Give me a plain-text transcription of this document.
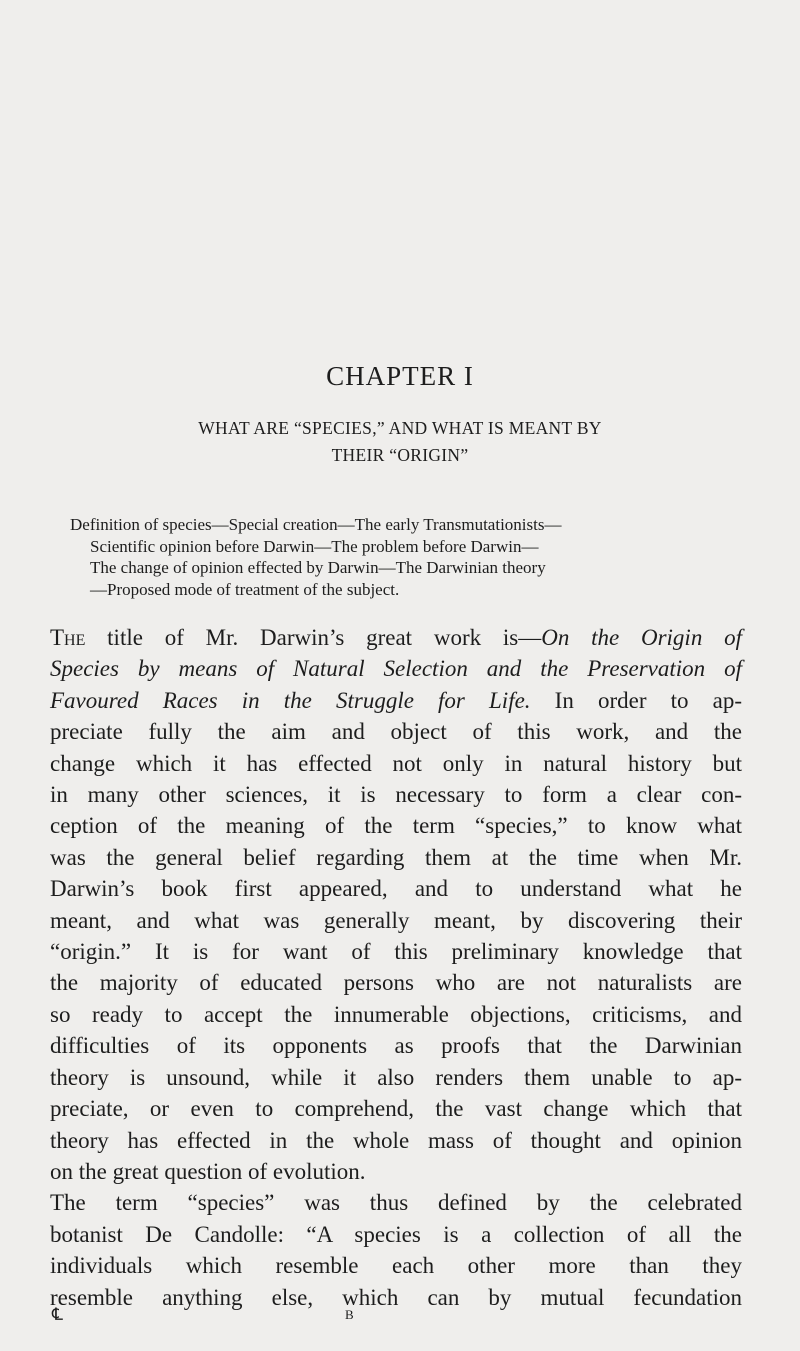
CHAPTER I
WHAT ARE “SPECIES,” AND WHAT IS MEANT BY
THEIR “ORIGIN”
Definition of species—Special creation—The early Transmutationists—
Scientific opinion before Darwin—The problem before Darwin—
The change of opinion effected by Darwin—The Darwinian theory
—Proposed mode of treatment of the subject.
The title of Mr. Darwin’s great work is—On the Origin of
Species by means of Natural Selection and the Preservation of
Favoured Races in the Struggle for Life. In order to ap-
preciate fully the aim and object of this work, and the
change which it has effected not only in natural history but
in many other sciences, it is necessary to form a clear con-
ception of the meaning of the term “species,” to know what
was the general belief regarding them at the time when Mr.
Darwin’s book first appeared, and to understand what he
meant, and what was generally meant, by discovering their
“origin.” It is for want of this preliminary knowledge that
the majority of educated persons who are not naturalists are
so ready to accept the innumerable objections, criticisms, and
difficulties of its opponents as proofs that the Darwinian
theory is unsound, while it also renders them unable to ap-
preciate, or even to comprehend, the vast change which that
theory has effected in the whole mass of thought and opinion
on the great question of evolution.
The term “species” was thus defined by the celebrated
botanist De Candolle: “A species is a collection of all the
individuals which resemble each other more than they
resemble anything else, which can by mutual fecundation
℄	B
